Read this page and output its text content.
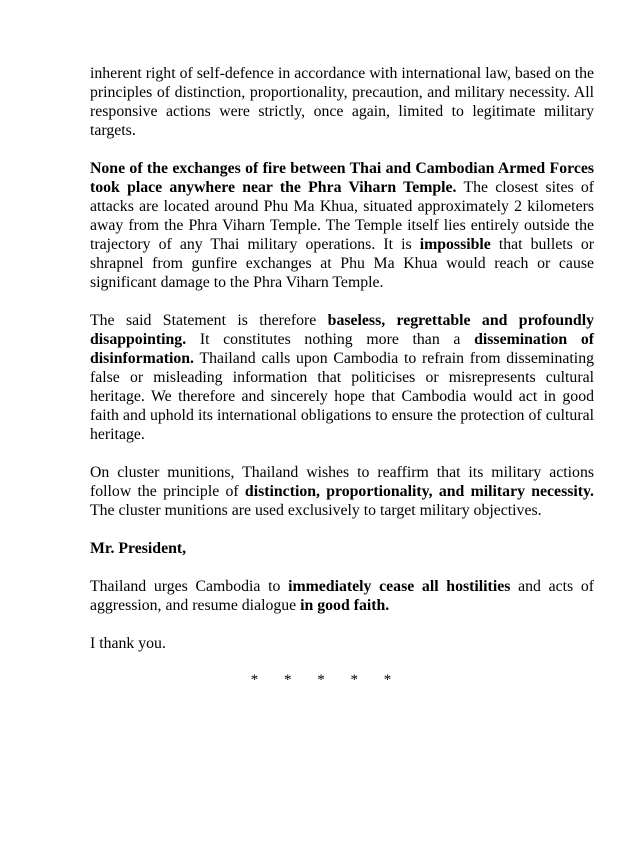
inherent right of self-defence in accordance with international law, based on the principles of distinction, proportionality, precaution, and military necessity. All responsive actions were strictly, once again, limited to legitimate military targets.

None of the exchanges of fire between Thai and Cambodian Armed Forces took place anywhere near the Phra Viharn Temple. The closest sites of attacks are located around Phu Ma Khua, situated approximately 2 kilometers away from the Phra Viharn Temple. The Temple itself lies entirely outside the trajectory of any Thai military operations. It is impossible that bullets or shrapnel from gunfire exchanges at Phu Ma Khua would reach or cause significant damage to the Phra Viharn Temple.

The said Statement is therefore baseless, regrettable and profoundly disappointing. It constitutes nothing more than a dissemination of disinformation. Thailand calls upon Cambodia to refrain from disseminating false or misleading information that politicises or misrepresents cultural heritage. We therefore and sincerely hope that Cambodia would act in good faith and uphold its international obligations to ensure the protection of cultural heritage.

On cluster munitions, Thailand wishes to reaffirm that its military actions follow the principle of distinction, proportionality, and military necessity. The cluster munitions are used exclusively to target military objectives.

Mr. President,

Thailand urges Cambodia to immediately cease all hostilities and acts of aggression, and resume dialogue in good faith.

I thank you.

* * * * *
